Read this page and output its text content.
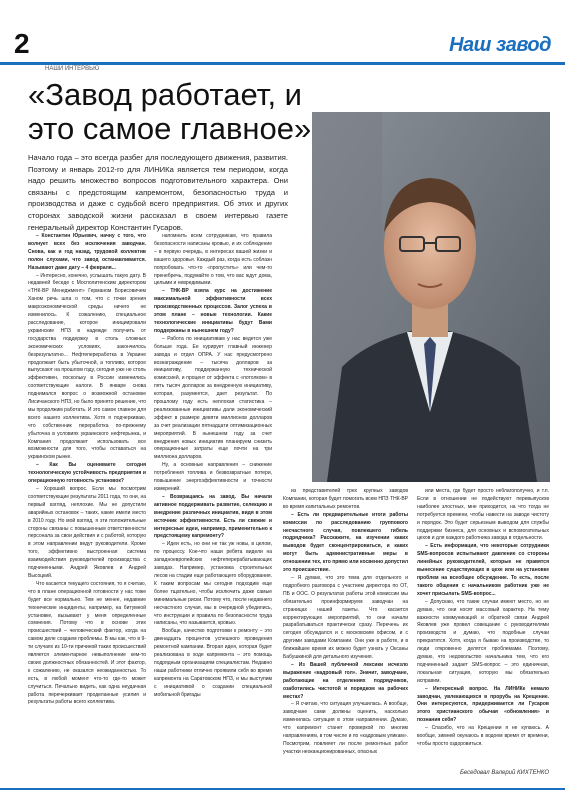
2	Наш завод
НАШИ ИНТЕРВЬЮ
«Завод работает, и это самое главное»
Начало года – это всегда разбег для последующего движения, развития. Поэтому и январь 2012-го для ЛИНИКа является тем периодом, когда надо решить множество вопросов подготовительного характера. Они связаны с предстоящим капремонтом, безопасностью труда и производства и даже с судьбой всего предприятия. Об этих и других сторонах заводской жизни рассказал в своем интервью газете генеральный директор Константин Гусаров.

– Константин Юрьевич, начну с того, что волнует всех без исключения заводчан. Снова, как и год назад, трудовой коллектив полон слухами, что завод останавливается. Называют даже дату – 4 февраля...

– Интересно, конечно, услышать такую дату. В недавней беседе с Мосполитенским директором «ТНК-ВР Менеджмент» Германом Борисовичем Ханом речь шла о том, что с точки зрения макроэкономической среды ничего не изменилось. К сожалению, специальное расследование, которое инициировали украинские НПЗ в надежде получить от государства поддержку в столь сложных экономических условиях, закончилось безрезультатно... Нефтепереработка в Украине продолжает быть убыточной, а топливо, которое выпускают на прошлом году, сегодня уже не столь эффективен, поскольку в России изменились соответствующие налоги. В январе снова поднимался вопрос о возможной остановке Лисичанского НПЗ, но было принято решение, что мы продолжим работать. И это самое главное для всего нашего коллектива. Хотя я подчеркиваю, что собственник переработка по-прежнему убыточна в условиях украинского нефтерынка, и Компания продолжает использовать все возможности для того, чтобы оставаться на украинском рынке.

– Как Вы оцениваете сегодня технологическую устойчивость предприятия и операционную готовность установок?

– Хороший вопрос. Если мы посмотрим соответствующие результаты 2011 года, то они, на первый взгляд, неплохие. Мы не допустили аварийных остановок – таких, какие имели место в 2010 году. Но мой взгляд, я эти положительные стороны связаны с повышенным ответственности персонала за свои действия и с работой, которую в этом направлении ведут руководители. Кроме того, эффективно выстроенная система взаимодействия руководителей производства с подчиненными. Андрей Яковлев и Андрей Высоцкий.

Что касается текущего состояния, то я считаю, что в плане операционной готовности у нас тоже будет все нормально. Тем не менее, недавние технические инциденты, например, на битумной установке, вызывают у меня определенные сомнения. Потому что в основе этих происшествий – человеческий фактор, когда на самом деле создаем проблемы. В мы как, что в 9-ти случаях из 10-ти причиной таких происшествий является элементарное невыполнение кем-то своих должностных обязанностей. И этот фактор, к сожалению, не оказался неожиданностью. То есть, в любой момент что-то где-то может случиться. Печально видеть, как одна неудачная работа перечеркивает проделанные усилия и результаты работы всего коллектива.

напомнить всем сотрудникам, что правила безопасности написаны кровью, и их соблюдение – в первую очередь, в интересах вашей жизни и вашего здоровья. Каждый раз, когда есть соблазн попробовать что-то «пропустить» или чем-то пренебречь, подумайте о том, что вас ждут дома, целыми и невредимыми.

– ТНК-ВР взяла курс на достижение максимальной эффективности всех производственных процессов. Залог успеха в этом плане – новые технологии. Какие технологические инициативы будут Вами поддержаны в нынешнем году?

– Работа по инициативам у нас ведется уже больше года. Ее курирует главный инженер завода и отдел ОПРА. У нас предусмотрено вознаграждение – тысяча долларов за инициативу, поддержанную технической комиссией, и процент от эффекта с «потолком» в пять тысяч долларов за внедренную инициативу, которая, разумеется, дает результат. По прошлому году есть неплохая статистика – реализованные инициативы дали экономический эффект в размере девяти миллионов долларов за счет реализации пятнадцати оптимизационных мероприятий. В нынешнем году за счет внедрения новых инициатив планируем снизить операционные затраты еще почти на три миллиона долларов.

Ну, а основные направления – снижение потребления топлива и безвозвратные потери, повышение энергоэффективности и точности измерений.

– Возвращаясь на завод. Вы начали активное поддерживать развитие, селекцию и внедрение различных инициатив, видя в этом источник эффективности. Есть ли свежие и интересные идеи, например, применительно к предстоящему капремонту?

– Идеи есть, но они не так уж новы, в целом, по процессу. Кое-что наши ребята видели на западноевропейских нефтеперерабатывающих заводах. Например, установка строительных лесов на стадии еще работающего оборудования. К таким вопросам мы сегодня подходим еще более тщательно, чтобы исключить даже самые минимальные риски. Потому что, после недавнего несчастного случая, мы в очередной убедились, что инструкции и правила по безопасности труда написаны, что называется, кровью.

Вообще, качество подготовки к ремонту – это двенадцать процентов успешного проведения ремонтной кампании. Вторая идея, которая будет реализована в ходе капремонта – это помощь подрядным организациям специалистам. Недавно наши работники отлично проявили себя во время капремонта на Саратовском НПЗ, и мы выступим с инициативой о создании специальной мобильной бригады

из представителей трех крупных заводов Компании, которая будет помогать всем НПЗ ТНК-ВР во время капитальных ремонтов.

– Есть ли предварительные итоги работы комиссии по расследованию группового несчастного случая, повлекшего гибель подрядчика? Расскажите, на изучении каких выводов будет сконцентрироваться, и каких могут быть административные меры в отношении тех, кто прямо или косвенно допустил это происшествие.

– Я думаю, что это тема для отдельного и подробного разговора с участием директора по ОТ, ПБ и ООС. О результатах работы этой комиссии мы обязательно проинформируем заводчан на страницах нашей газеты. Что касается корректирующих мероприятий, то они начали разрабатываться практически сразу. Перечень их сегодня обсуждался и с московским офисом, и с другими заводами Компании. Они уже в работе, и в ближайшее время их можно будет узнать у Оксаны Бабушкиной для детального изучения.

– Из Вашей публичной лексики исчезло выражение «кадровый гол». Значит, заводчане, работающие на отделениях подрядчиков, озаботились чистотой и порядком на рабочих местах?

– Я считаю, что ситуация улучшилась. А вообще, заводчане сами должны оценить, насколько изменилась ситуация в этом направлении. Думаю, что капремонт станет проверкой по многим направлениям, в том числе и по «кадровым уликам». Посмотрим, повлияет ли после ремонтных работ участки неоканционированных, опасных

или места, где будет просто неблагополучно, и т.п. Если в отношении не подействуют перевыпусков наиболее злостных, мне приходится, на что тогда не потребуется времени, чтобы навести на заводе чистоту и порядок. Это будет серьезным выводом для службы поддержки бизнеса, для основных и вспомогательных цехов и для каждого работника завода в отдельности.

– Есть информация, что некоторые сотрудники SMS-вопросов испытывают давление со стороны линейных руководителей, которые не правятся вынесение существующих в цехе или на установке проблем на всеобщее обсуждение. То есть, после такого общения с начальником работник уже не хочет присылать SMS-вопрос...

– Допускаю, что такие случаи имеют место, но не думаю, что они носят массовый характер. На тему важности коммуникаций и обратной связи Андрей Яковлев уже провел совещание с руководителями производств и думаю, что подобные случаи прекратятся. Хотя, когда я бываю на производстве, то люди откровенно делятся проблемами. Поэтому, думаю, что недовольство начальника тем, что его подчиненный задает SMS-вопрос – это единичная, локальная ситуация, которую мы обязательно исправим.

– Интересный вопрос. На ЛИНИКе немало заводчан, увлекающихся в прорубь на Крещение. Они интересуются, придерживается ли Гусаров этого христианского обычая «обновления» и познания себя?

– Спасибо, что на Крещении я не купаюсь. А вообще, зимней окунаюсь в водоем время от времени, чтобы просто оздоровиться.

Беседовал Валерий КИХТЕНКО
